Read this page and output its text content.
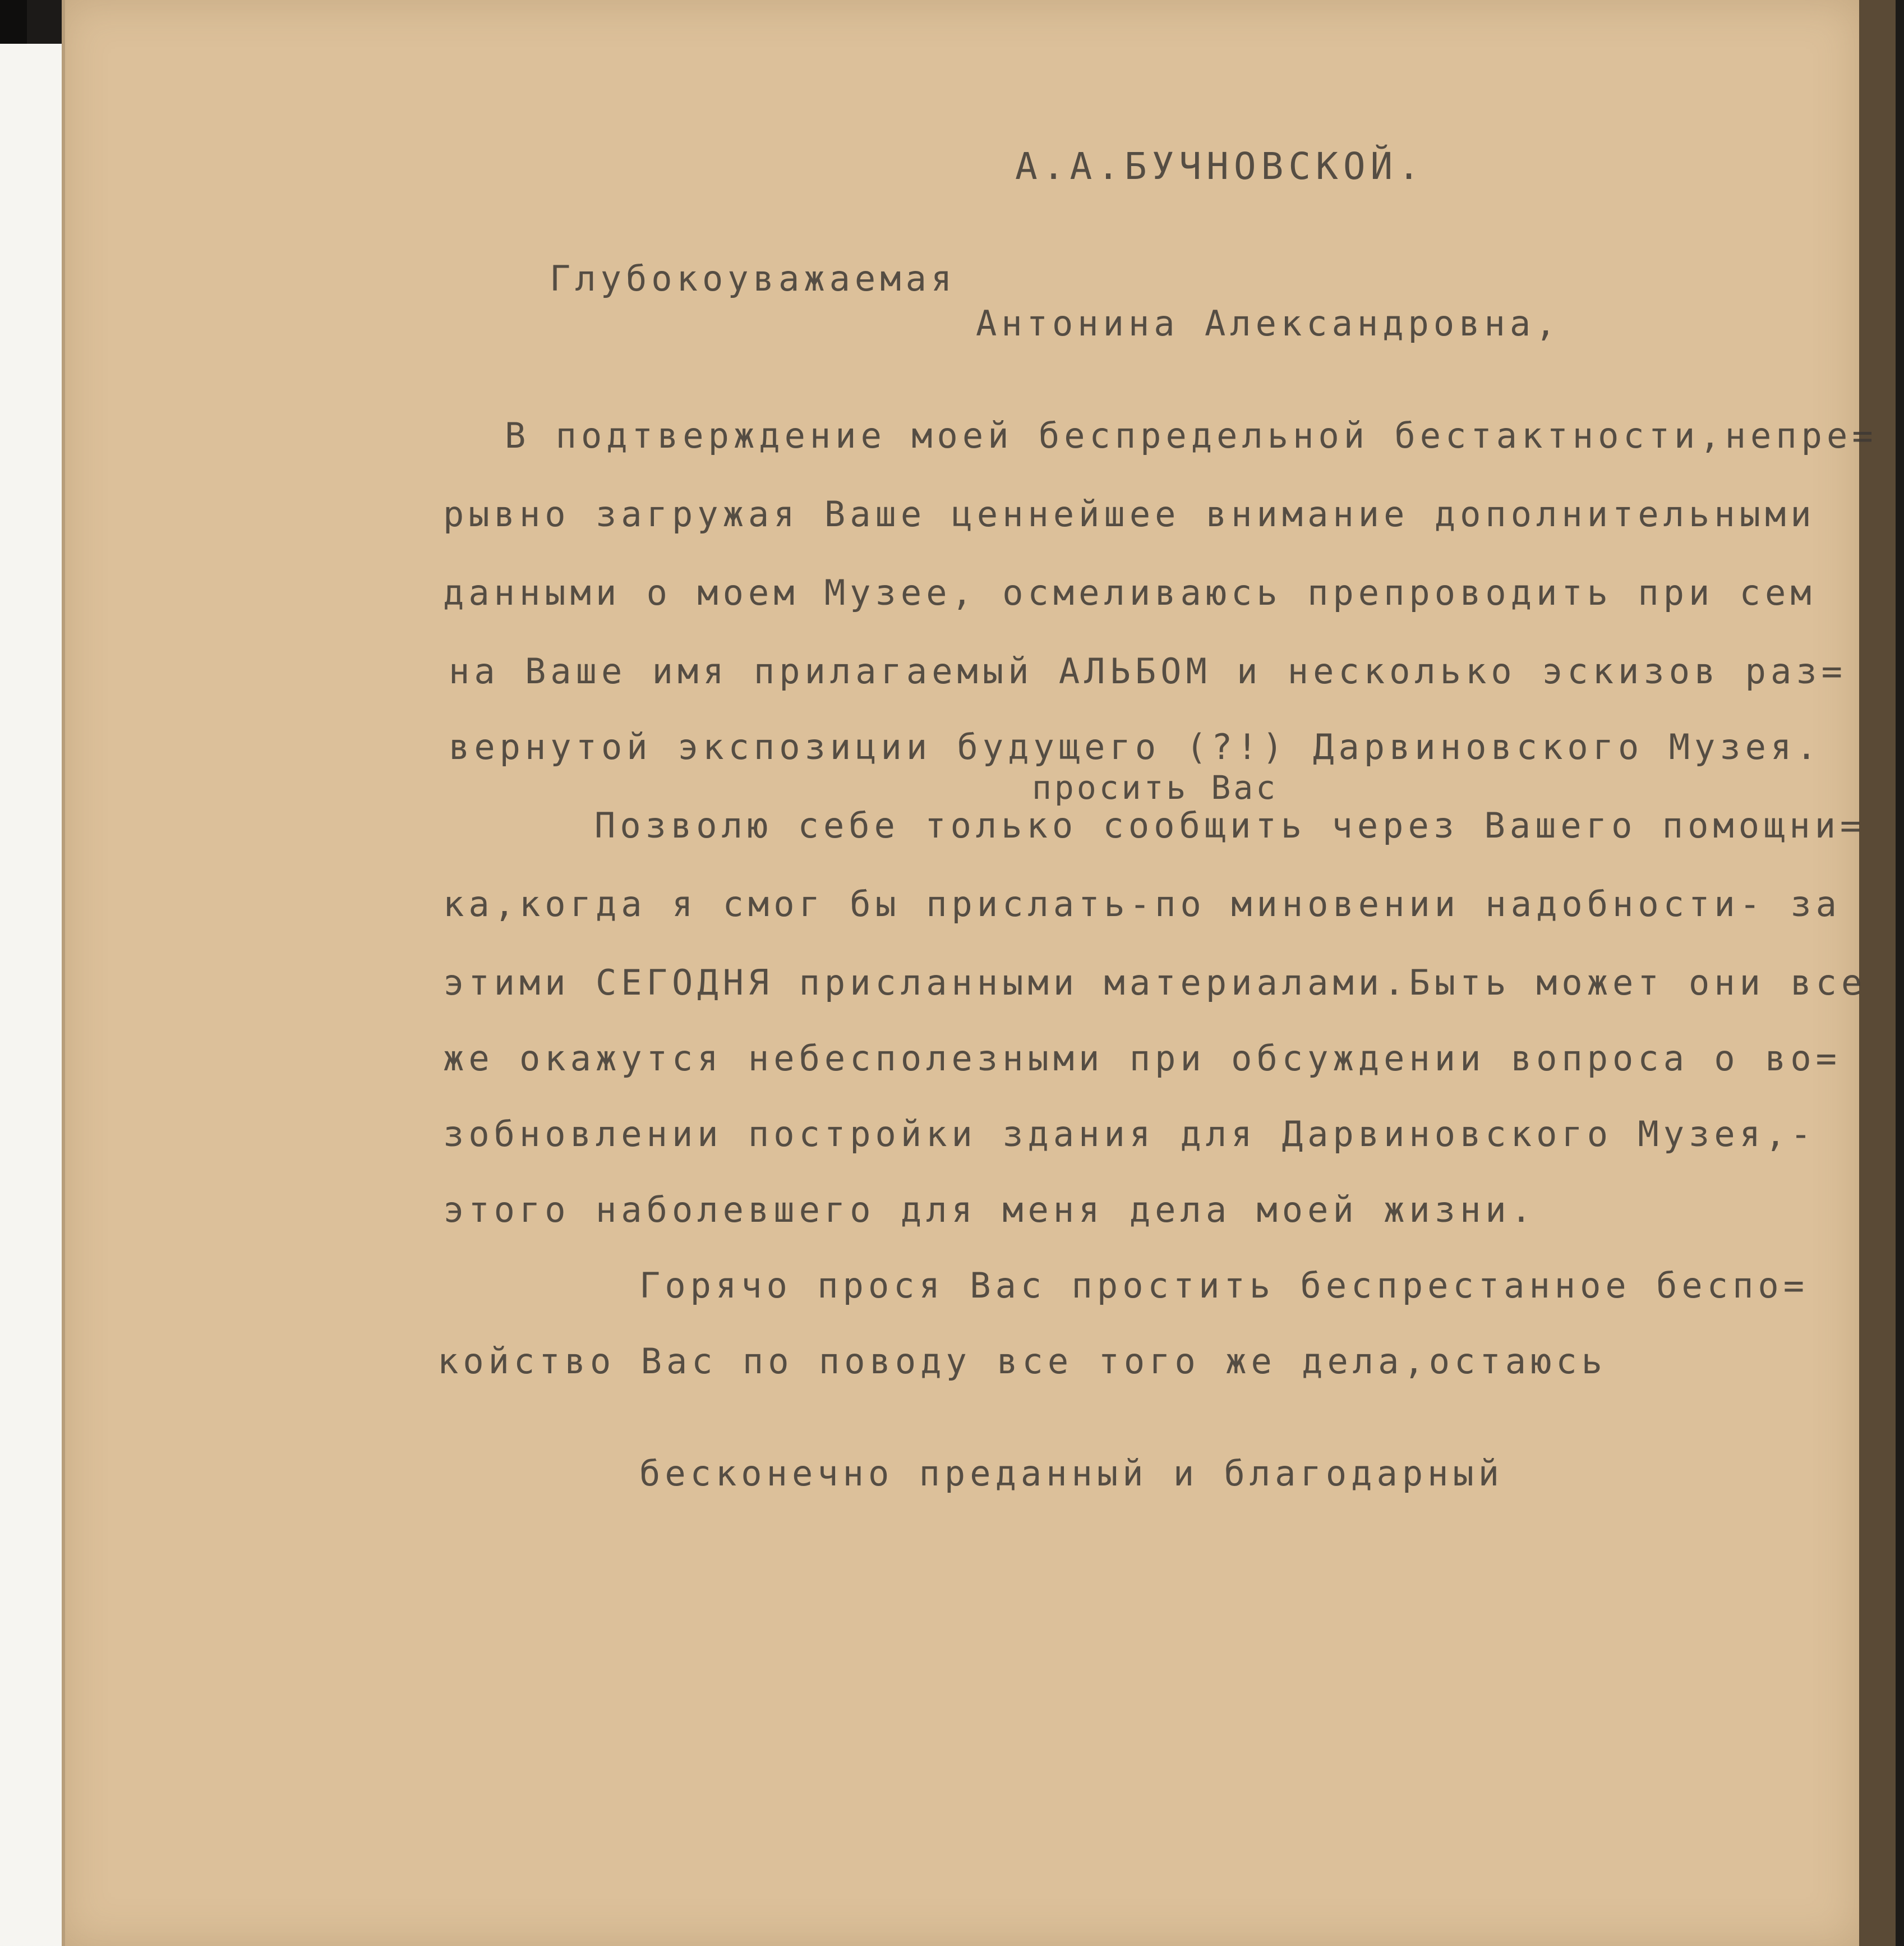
А.А.БУЧНОВСКОЙ.

Глубокоуважаемая

Антонина Александровна,

В подтверждение моей беспредельной бестактности,непре=

рывно загружая Ваше ценнейшее внимание дополнительными

данными о моем Музее, осмеливаюсь препроводить при сем

на Ваше имя прилагаемый АЛЬБОМ и несколько эскизов раз=

вернутой экспозиции будущего (?!) Дарвиновского Музея.

просить Вас

Позволю себе только сообщить через Вашего помощни=

ка,когда я смог бы прислать-по миновении надобности- за

этими СЕГОДНЯ присланными материалами.Быть может они все

же окажутся небесполезными при обсуждении вопроса о во=

зобновлении постройки здания для Дарвиновского Музея,-

этого наболевшего для меня дела моей жизни.

Горячо прося Вас простить беспрестанное беспо=

койство Вас по поводу все того же дела,остаюсь

бесконечно преданный и благодарный
